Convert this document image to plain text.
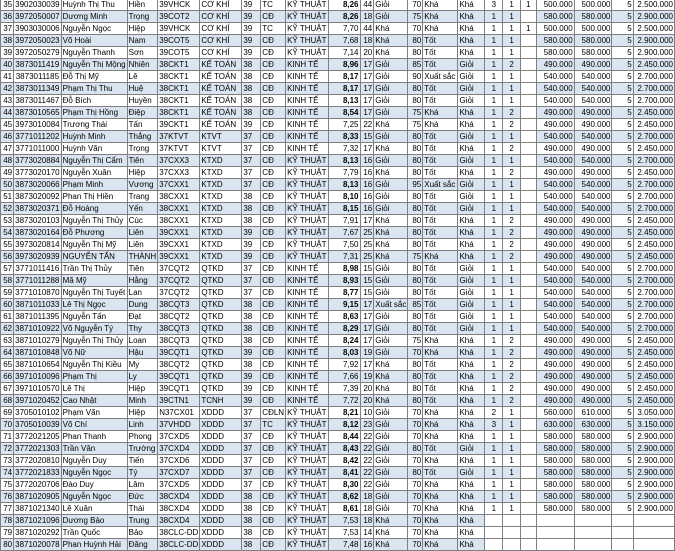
35	3902030039	Huỳnh Thị Thu	Hiền	39VHCK	CƠ KHÍ	39	TC	KỸ THUẬT	8,26	44	Giỏi	70	Khá	Khá	3	1	1	500.000	500.000	5	2.500.000
36	3972050007	Dương Minh	Trọng	39COT2	CƠ KHÍ	39	CĐ	KỸ THUẬT	8,26	18	Giỏi	75	Khá	Khá	1	1		580.000	580.000	5	2.900.000
37	3903030006	Nguyễn Ngọc	Hiệp	39VHCK	CƠ KHÍ	39	TC	KỸ THUẬT	7,70	44	Khá	70	Khá	Khá	1	1	1	500.000	500.000	5	2.500.000
38	3972050023	Võ Hoài	Nam	39COT5	CƠ KHÍ	39	CĐ	KỸ THUẬT	7,68	18	Khá	80	Tốt	Khá	1	1		580.000	580.000	5	2.900.000
39	3972050279	Nguyễn Thanh	Sơn	39COT5	CƠ KHÍ	39	CĐ	KỸ THUẬT	7,14	20	Khá	80	Tốt	Khá	1	1		580.000	580.000	5	2.900.000
40	3873011419	Nguyễn Thị Mộng	Nhiên	38CKT1	KẾ TOÁN	38	CĐ	KINH TẾ	8,96	17	Giỏi	85	Tốt	Giỏi	1	2		490.000	490.000	5	2.450.000
41	3873011185	Đỗ Thị Mỹ	Lê	38CKT1	KẾ TOÁN	38	CĐ	KINH TẾ	8,17	17	Giỏi	90	Xuất sắc	Giỏi	1	1		540.000	540.000	5	2.700.000
42	3873011349	Phạm Thị Thu	Huệ	38CKT1	KẾ TOÁN	38	CĐ	KINH TẾ	8,17	17	Giỏi	80	Tốt	Giỏi	1	1		540.000	540.000	5	2.700.000
43	3873011467	Đỗ Bích	Huyền	38CKT1	KẾ TOÁN	38	CĐ	KINH TẾ	8,13	17	Giỏi	80	Tốt	Giỏi	1	1		540.000	540.000	5	2.700.000
44	3873010565	Phạm Thị Hồng	Điệp	38CKT1	KẾ TOÁN	38	CĐ	KINH TẾ	8,54	17	Giỏi	75	Khá	Khá	1	2		490.000	490.000	5	2.450.000
45	3973010084	Trương Thái	Tấn	39CKT1	KẾ TOÁN	39	CĐ	KINH TẾ	7,25	22	Khá	75	Khá	Khá	1	2		490.000	490.000	5	2.450.000
46	3771011202	Huỳnh Minh	Thắng	37KTVT	KTVT	37	CĐ	KINH TẾ	8,33	15	Giỏi	80	Tốt	Giỏi	1	1		540.000	540.000	5	2.700.000
47	3771011000	Huỳnh Văn	Trọng	37KTVT	KTVT	37	CĐ	KINH TẾ	7,32	17	Khá	80	Tốt	Khá	1	2		490.000	490.000	5	2.450.000
48	3773020884	Nguyễn Thị Cẩm	Tiên	37CXX3	KTXD	37	CĐ	KỸ THUẬT	8,13	16	Giỏi	80	Tốt	Giỏi	1	1		540.000	540.000	5	2.700.000
49	3773020170	Nguyễn Xuân	Hiệp	37CXX3	KTXD	37	CĐ	KỸ THUẬT	7,79	16	Khá	80	Tốt	Khá	1	2		490.000	490.000	5	2.450.000
50	3873020066	Phạm Minh	Vương	37CXX1	KTXD	37	CĐ	KỸ THUẬT	8,13	16	Giỏi	95	Xuất sắc	Giỏi	1	1		540.000	540.000	5	2.700.000
51	3873020092	Phan Thị Hiền	Trang	38CXX1	KTXD	38	CĐ	KỸ THUẬT	8,10	16	Giỏi	80	Tốt	Giỏi	1	1		540.000	540.000	5	2.700.000
52	3873020371	Đỗ Hoàng	Yến	38CXX1	KTXD	38	CĐ	KỸ THUẬT	8,15	16	Giỏi	80	Tốt	Giỏi	1	1		540.000	540.000	5	2.700.000
53	3873020103	Nguyễn Thị Thủy	Cúc	38CXX1	KTXD	38	CĐ	KỸ THUẬT	7,91	17	Khá	80	Tốt	Khá	1	2		490.000	490.000	5	2.450.000
54	3873020164	Đỗ Phương	Liên	39CXX1	KTXD	39	CĐ	KỸ THUẬT	7,67	25	Khá	80	Tốt	Khá	1	2		490.000	490.000	5	2.450.000
55	3973020814	Nguyễn Thị Mỹ	Liên	39CXX1	KTXD	39	CĐ	KỸ THUẬT	7,50	25	Khá	80	Tốt	Khá	1	2		490.000	490.000	5	2.450.000
56	3973020939	NGUYỄN TẤN	THÀNH	39CXX1	KTXD	39	CĐ	KỸ THUẬT	7,31	25	Khá	75	Khá	Khá	1	2		490.000	490.000	5	2.450.000
57	3771011416	Trần Thị Thủy	Tiên	37CQT2	QTKD	37	CĐ	KINH TẾ	8,98	15	Giỏi	80	Tốt	Giỏi	1	1		540.000	540.000	5	2.700.000
58	3771011288	Mã Mỹ	Hằng	37CQT2	QTKD	37	CĐ	KINH TẾ	8,93	15	Giỏi	80	Tốt	Giỏi	1	1		540.000	540.000	5	2.700.000
59	3771010870	Nguyễn Thị Tuyết	Lan	37CQT2	QTKD	37	CĐ	KINH TẾ	8,77	15	Giỏi	80	Tốt	Giỏi	1	1		540.000	540.000	5	2.700.000
60	3871011033	Lê Thị Ngọc	Dung	38CQT3	QTKD	38	CĐ	KINH TẾ	9,15	17	Xuất sắc	85	Tốt	Giỏi	1	1		540.000	540.000	5	2.700.000
61	3871011395	Nguyễn Tấn	Đạt	38CQT2	QTKD	38	CĐ	KINH TẾ	8,63	17	Giỏi	80	Tốt	Giỏi	1	1		540.000	540.000	5	2.700.000
62	3871010922	Võ Nguyễn Tý	Thy	38CQT3	QTKD	38	CĐ	KINH TẾ	8,29	17	Giỏi	80	Tốt	Giỏi	1	1		540.000	540.000	5	2.700.000
63	3871010279	Nguyễn Thị Thủy	Loan	38CQT3	QTKD	38	CĐ	KINH TẾ	8,24	17	Giỏi	75	Khá	Khá	1	2		490.000	490.000	5	2.450.000
64	3871010848	Võ Nữ	Hậu	39CQT1	QTKD	39	CĐ	KINH TẾ	8,03	19	Giỏi	70	Khá	Khá	1	2		490.000	490.000	5	2.450.000
65	3871010654	Nguyễn Thị Kiều	My	38CQT2	QTKD	38	CĐ	KINH TẾ	7,92	17	Khá	80	Tốt	Khá	1	2		490.000	490.000	5	2.450.000
66	3971010096	Phạm Thị	Ly	39CQT1	QTKD	39	CĐ	KINH TẾ	7,66	19	Khá	80	Tốt	Khá	1	2		490.000	490.000	5	2.450.000
67	3971010570	Lê Thị	Hiệp	39CQT1	QTKD	39	CĐ	KINH TẾ	7,39	20	Khá	80	Tốt	Khá	1	2		490.000	490.000	5	2.450.000
68	3971020452	Cao Nhật	Minh	39CTN1	TCNH	39	CĐ	KINH TẾ	7,72	20	Khá	80	Tốt	Khá	1	2		490.000	490.000	5	2.450.000
69	3705010102	Phạm Văn	Hiệp	N37CX01	XDDD	37	CĐLN	KỸ THUẬT	8,21	10	Giỏi	70	Khá	Khá	2	1		560.000	610.000	5	3.050.000
70	3705010039	Võ Chí	Linh	37VHDD	XDDD	37	TC	KỸ THUẬT	8,12	23	Giỏi	70	Khá	Khá	3	1		630.000	630.000	5	3.150.000
71	3772021205	Phan Thanh	Phong	37CXD5	XDDD	37	CĐ	KỸ THUẬT	8,44	22	Giỏi	70	Khá	Khá	1	1		580.000	580.000	5	2.900.000
72	3772021303	Trần Văn	Trường	37CXD4	XDDD	37	CĐ	KỸ THUẬT	8,43	22	Giỏi	80	Tốt	Giỏi	1	1		580.000	580.000	5	2.900.000
73	3772020810	Nguyễn Duy	Tiến	37CXD6	XDDD	37	CĐ	KỸ THUẬT	8,42	22	Giỏi	70	Khá	Khá	1	1		580.000	580.000	5	2.900.000
74	3772021833	Nguyễn Ngọc	Tý	37CXD7	XDDD	37	CĐ	KỸ THUẬT	8,41	22	Giỏi	80	Tốt	Giỏi	1	1		580.000	580.000	5	2.900.000
75	3772020706	Đào Duy	Lâm	37CXD5	XDDD	37	CĐ	KỸ THUẬT	8,30	22	Giỏi	70	Khá	Khá	1	1		580.000	580.000	5	2.900.000
76	3871020905	Nguyễn Ngọc	Đức	38CXD4	XDDD	38	CĐ	KỸ THUẬT	8,62	18	Giỏi	70	Khá	Khá	1	1		580.000	580.000	5	2.900.000
77	3871021340	Lê Xuân	Thái	38CXD4	XDDD	38	CĐ	KỸ THUẬT	8,61	18	Giỏi	70	Khá	Khá	1	1		580.000	580.000	5	2.900.000
78	3871021096	Dương Bảo	Trung	38CXD4	XDDD	38	CĐ	KỸ THUẬT	7,53	18	Khá	70	Khá	Khá							
79	3871020292	Trần Quốc	Bảo	38CLC-DD	XDDD	38	CĐ	KỸ THUẬT	7,53	14	Khá	70	Khá	Khá							
80	3871020078	Phan Huỳnh Hải	Đăng	38CLC-DD	XDDD	38	CĐ	KỸ THUẬT	7,48	16	Khá	70	Khá	Khá							
